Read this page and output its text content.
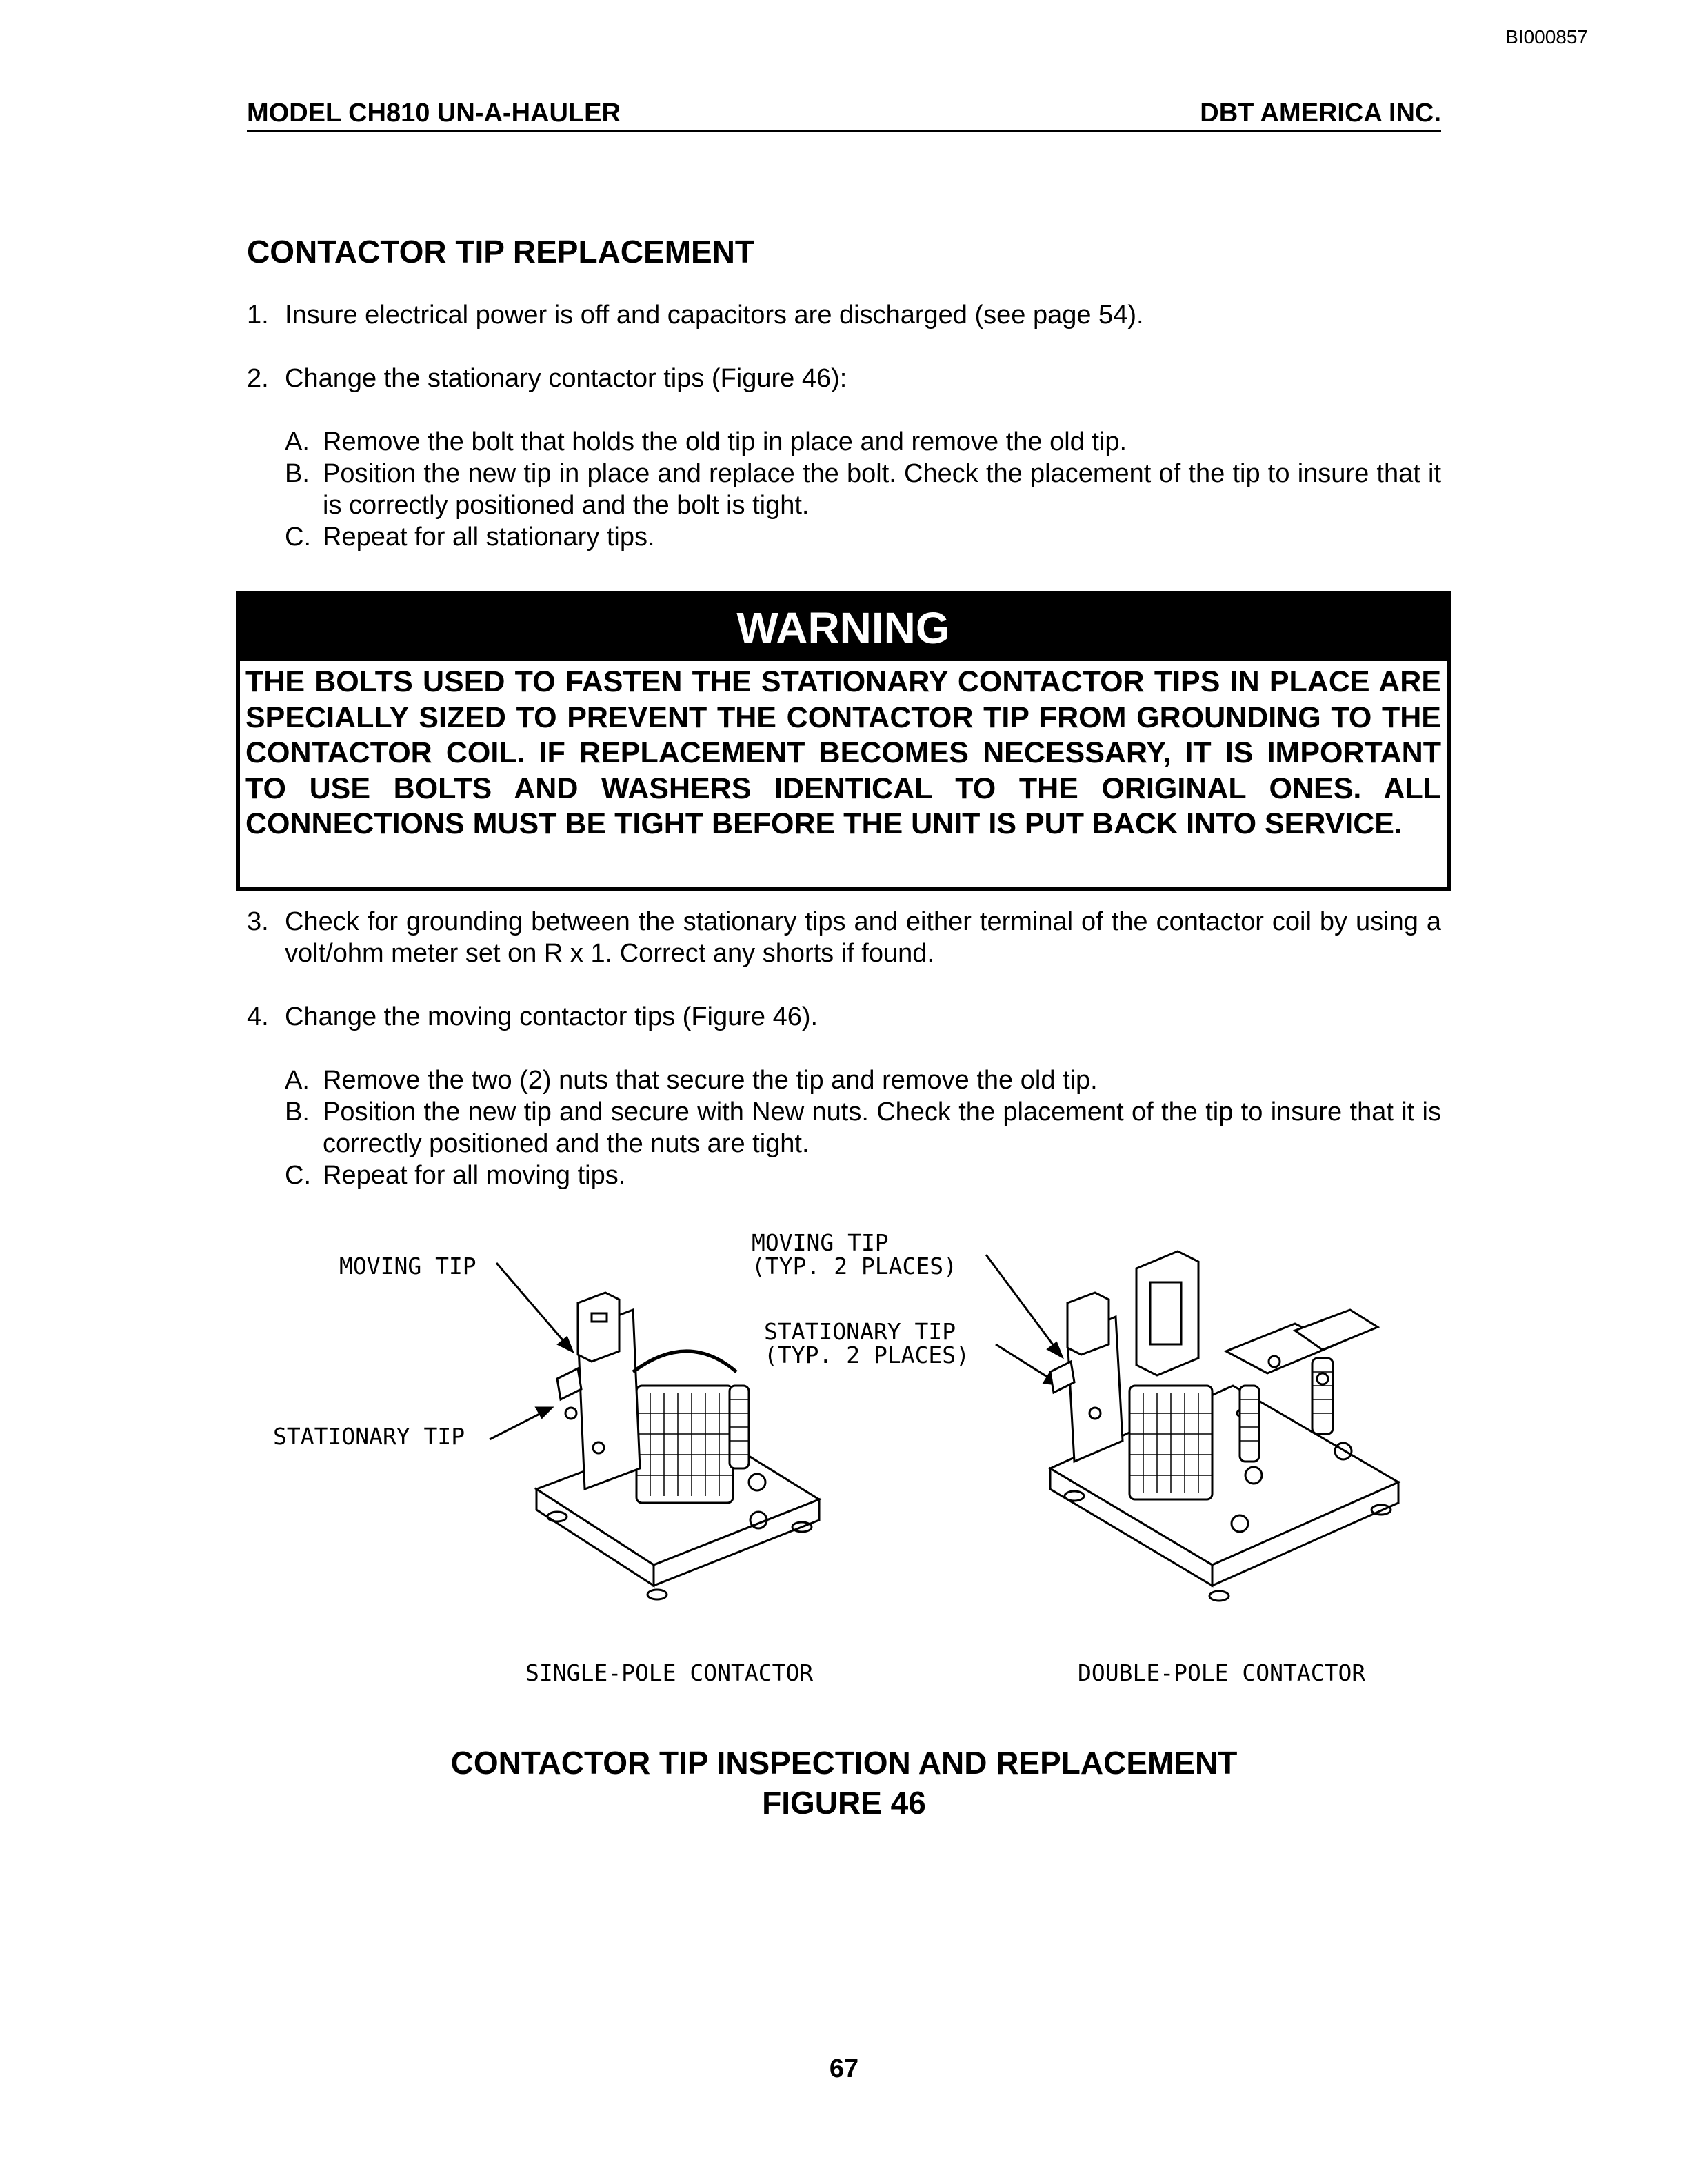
BI000857
MODEL CH810 UN-A-HAULER	DBT AMERICA INC.
CONTACTOR TIP REPLACEMENT
1. Insure electrical power is off and capacitors are discharged (see page 54).
2. Change the stationary contactor tips (Figure 46):
A. Remove the bolt that holds the old tip in place and remove the old tip.
B. Position the new tip in place and replace the bolt. Check the placement of the tip to insure that it is correctly positioned and the bolt is tight.
C. Repeat for all stationary tips.
WARNING
THE BOLTS USED TO FASTEN THE STATIONARY CONTACTOR TIPS IN PLACE ARE SPECIALLY SIZED TO PREVENT THE CONTACTOR TIP FROM GROUNDING TO THE CONTACTOR COIL. IF REPLACEMENT BECOMES NECESSARY, IT IS IMPORTANT TO USE BOLTS AND WASHERS IDENTICAL TO THE ORIGINAL ONES. ALL CONNECTIONS MUST BE TIGHT BEFORE THE UNIT IS PUT BACK INTO SERVICE.
3. Check for grounding between the stationary tips and either terminal of the contactor coil by using a volt/ohm meter set on R x 1. Correct any shorts if found.
4. Change the moving contactor tips (Figure 46).
A. Remove the two (2) nuts that secure the tip and remove the old tip.
B. Position the new tip and secure with New nuts. Check the placement of the tip to insure that it is correctly positioned and the nuts are tight.
C. Repeat for all moving tips.
MOVING TIP
STATIONARY TIP
MOVING TIP
(TYP. 2 PLACES)
STATIONARY TIP
(TYP. 2 PLACES)
SINGLE-POLE CONTACTOR	DOUBLE-POLE CONTACTOR
CONTACTOR TIP INSPECTION AND REPLACEMENT
FIGURE 46
67
